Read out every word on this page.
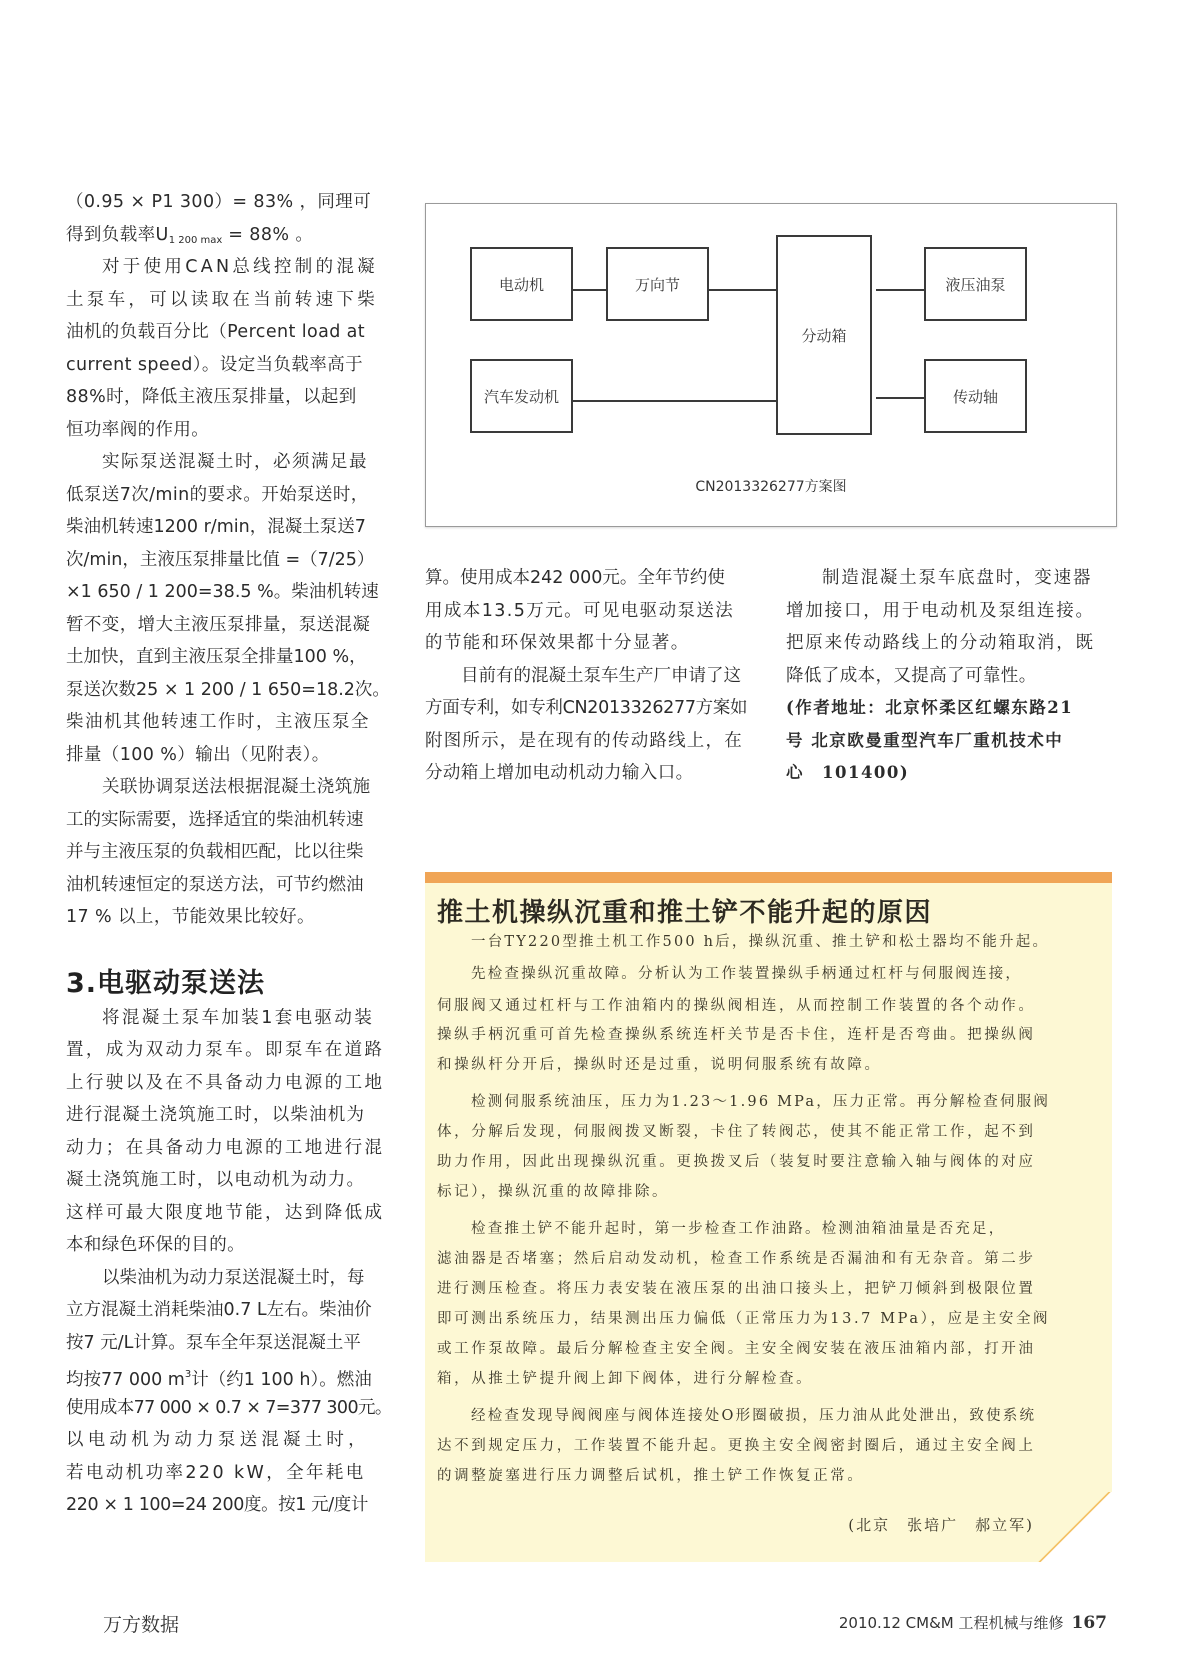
（0.95 × P1 300）= 83% ，同理可
得到负载率$U_{1 200 max} = 88\%$ 。
对于使用CAN总线控制的混凝
土泵车，可以读取在当前转速下柴
油机的负载百分比（Percent load at
current speed）。设定当负载率高于
88%时，降低主液压泵排量，以起到
恒功率阀的作用。
实际泵送混凝土时，必须满足最
低泵送7次/min的要求。开始泵送时，
柴油机转速1200 r/min，混凝土泵送7
次/min，主液压泵排量比值 =（7/25）
×1 650 / 1 200=38.5 %。柴油机转速
暂不变，增大主液压泵排量，泵送混凝
土加快，直到主液压泵全排量100 %，
泵送次数25 × 1 200 / 1 650=18.2次。
柴油机其他转速工作时，主液压泵全
排量（100 %）输出（见附表）。
关联协调泵送法根据混凝土浇筑施
工的实际需要，选择适宜的柴油机转速
并与主液压泵的负载相匹配，比以往柴
油机转速恒定的泵送方法，可节约燃油
17 % 以上，节能效果比较好。
3.电驱动泵送法
将混凝土泵车加装1套电驱动装
置，成为双动力泵车。即泵车在道路
上行驶以及在不具备动力电源的工地
进行混凝土浇筑施工时，以柴油机为
动力；在具备动力电源的工地进行混
凝土浇筑施工时，以电动机为动力。
这样可最大限度地节能，达到降低成
本和绿色环保的目的。
以柴油机为动力泵送混凝土时，每
立方混凝土消耗柴油0.7 L左右。柴油价
按7 元/L计算。泵车全年泵送混凝土平
均按77 000 $m^3$计（约1 100 h）。燃油
使用成本77 000 × 0.7 × 7=377 300元。
以电动机为动力泵送混凝土时，
若电动机功率220 kW，全年耗电
220 × 1 100=24 200度。按1 元/度计
电动机	万向节
分动箱
液压油泵
汽车发动机	传动轴
CN2013326277方案图
算。使用成本242 000元。全年节约使
用成本13.5万元。可见电驱动泵送法
的节能和环保效果都十分显著。
目前有的混凝土泵车生产厂申请了这
方面专利，如专利CN2013326277方案如
附图所示，是在现有的传动路线上，在
分动箱上增加电动机动力输入口。
制造混凝土泵车底盘时，变速器
增加接口，用于电动机及泵组连接。
把原来传动路线上的分动箱取消，既
降低了成本，又提高了可靠性。
(作者地址：北京怀柔区红螺东路21
号 北京欧曼重型汽车厂重机技术中
心　101400)
推土机操纵沉重和推土铲不能升起的原因
一台TY220型推土机工作500 h后，操纵沉重、推土铲和松土器均不能升起。
先检查操纵沉重故障。分析认为工作装置操纵手柄通过杠杆与伺服阀连接，
伺服阀又通过杠杆与工作油箱内的操纵阀相连，从而控制工作装置的各个动作。
操纵手柄沉重可首先检查操纵系统连杆关节是否卡住，连杆是否弯曲。把操纵阀
和操纵杆分开后，操纵时还是过重，说明伺服系统有故障。
检测伺服系统油压，压力为1.23～1.96 MPa，压力正常。再分解检查伺服阀
体，分解后发现，伺服阀拨叉断裂，卡住了转阀芯，使其不能正常工作，起不到
助力作用，因此出现操纵沉重。更换拨叉后（装复时要注意输入轴与阀体的对应
标记），操纵沉重的故障排除。
检查推土铲不能升起时，第一步检查工作油路。检测油箱油量是否充足，
滤油器是否堵塞；然后启动发动机，检查工作系统是否漏油和有无杂音。第二步
进行测压检查。将压力表安装在液压泵的出油口接头上，把铲刀倾斜到极限位置
即可测出系统压力，结果测出压力偏低（正常压力为13.7 MPa），应是主安全阀
或工作泵故障。最后分解检查主安全阀。主安全阀安装在液压油箱内部，打开油
箱，从推土铲提升阀上卸下阀体，进行分解检查。
经检查发现导阀阀座与阀体连接处O形圈破损，压力油从此处泄出，致使系统
达不到规定压力，工作装置不能升起。更换主安全阀密封圈后，通过主安全阀上
的调整旋塞进行压力调整后试机，推土铲工作恢复正常。
(北京　张培广　郝立军)
万方数据	2010.12 CM&M 工程机械与维修 167
